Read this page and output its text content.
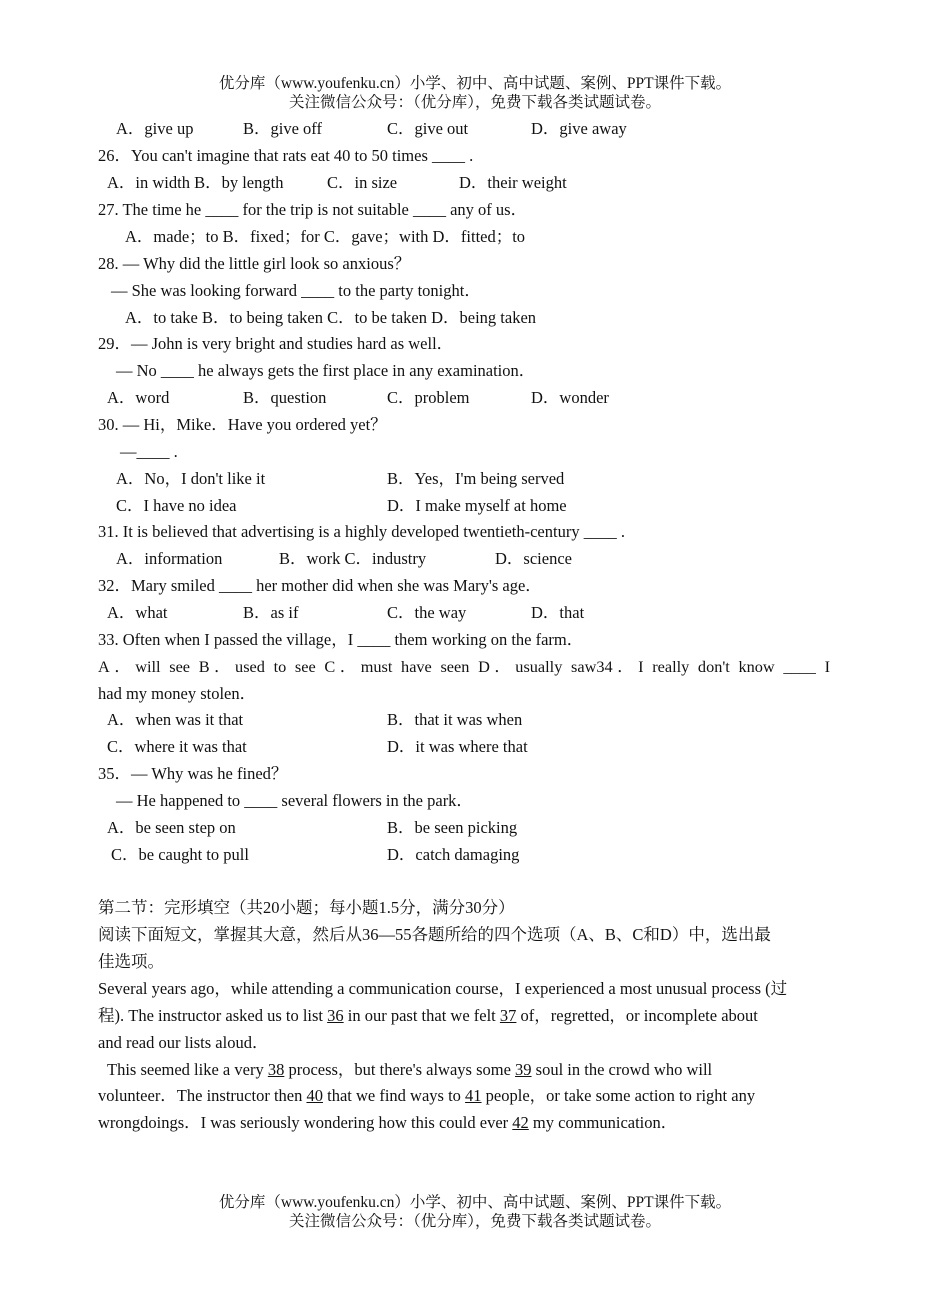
优分库（www.youfenku.cn）小学、初中、高中试题、案例、PPT课件下载。
关注微信公众号：（优分库），免费下载各类试题试卷。
A．give up	B．give off	C．give out	D．give away
26．You can't imagine that rats eat 40 to 50 times ____ .
A．in width B．by length	C．in size	D．their weight
27. The time he ____ for the trip is not suitable ____ any of us．
A．made；to B．fixed；for C．gave；with D．fitted；to
28. — Why did the little girl look so anxious？
— She was looking forward ____ to the party tonight．
A．to take B．to being taken C．to be taken D．being taken
29．— John is very bright and studies hard as well．
— No ____ he always gets the first place in any examination．
A．word	B．question	C．problem	D．wonder
30. — Hi，Mike．Have you ordered yet？
—____ .
A．No，I don't like it	B．Yes，I'm being served
C．I have no idea	D．I make myself at home
31. It is believed that advertising is a highly developed twentieth-century ____ .
A．information	B．work C．industry	D．science
32．Mary smiled ____ her mother did when she was Mary's age．
A．what	B．as if	C．the way	D．that
33. Often when I passed the village，I ____ them working on the farm．
A．will see B．used to see C．must have seen D．usually saw34．I really don't know ____ I
had my money stolen．
A．when was it that	B．that it was when
C．where it was that	D．it was where that
35．— Why was he fined？
— He happened to ____ several flowers in the park．
A．be seen step on	B．be seen picking
C．be caught to pull	D．catch damaging
第二节：完形填空（共20小题；每小题1.5分，满分30分）
阅读下面短文，掌握其大意，然后从36—55各题所给的四个选项（A、B、C和D）中，选出最
佳选项。
Several years ago，while attending a communication course，I experienced a most unusual process (过
程). The instructor asked us to list 36 in our past that we felt 37 of，regretted，or incomplete about
and read our lists aloud．
This seemed like a very 38 process，but there's always some 39 soul in the crowd who will
volunteer．The instructor then 40 that we find ways to 41 people，or take some action to right any
wrongdoings．I was seriously wondering how this could ever 42 my communication．
优分库（www.youfenku.cn）小学、初中、高中试题、案例、PPT课件下载。
关注微信公众号：（优分库），免费下载各类试题试卷。
